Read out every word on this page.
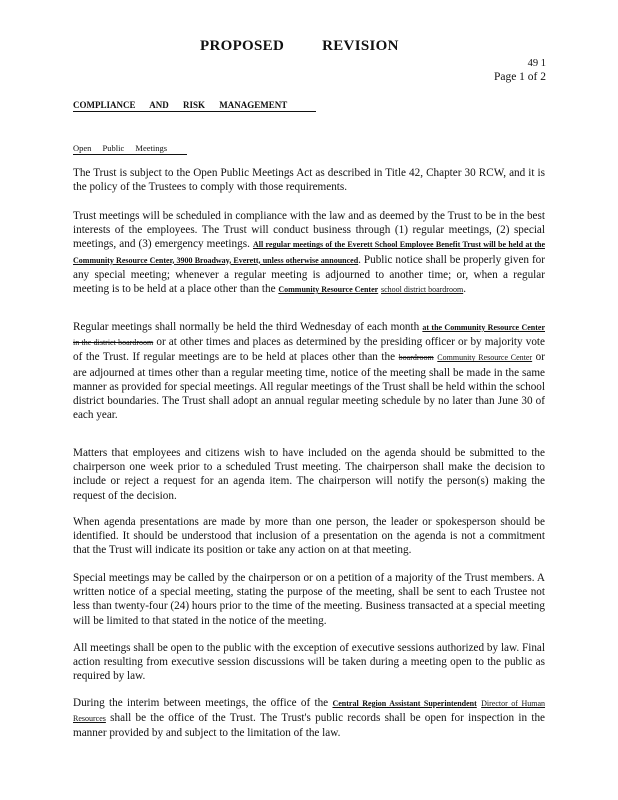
PROPOSED REVISION
49 1
Page 1 of 2
COMPLIANCE AND RISK MANAGEMENT
Open Public Meetings
The Trust is subject to the Open Public Meetings Act as described in Title 42, Chapter 30 RCW, and it is the policy of the Trustees to comply with those requirements.
Trust meetings will be scheduled in compliance with the law and as deemed by the Trust to be in the best interests of the employees. The Trust will conduct business through (1) regular meetings, (2) special meetings, and (3) emergency meetings. All regular meetings of the Everett School Employee Benefit Trust will be held at the Community Resource Center, 3900 Broadway, Everett, unless otherwise announced. Public notice shall be properly given for any special meeting; whenever a regular meeting is adjourned to another time; or, when a regular meeting is to be held at a place other than the Community Resource Center school district boardroom.
Regular meetings shall normally be held the third Wednesday of each month at the Community Resource Center in the district boardroom or at other times and places as determined by the presiding officer or by majority vote of the Trust. If regular meetings are to be held at places other than the boardroom Community Resource Center or are adjourned at times other than a regular meeting time, notice of the meeting shall be made in the same manner as provided for special meetings. All regular meetings of the Trust shall be held within the school district boundaries. The Trust shall adopt an annual regular meeting schedule by no later than June 30 of each year.
Matters that employees and citizens wish to have included on the agenda should be submitted to the chairperson one week prior to a scheduled Trust meeting. The chairperson shall make the decision to include or reject a request for an agenda item. The chairperson will notify the person(s) making the request of the decision.
When agenda presentations are made by more than one person, the leader or spokesperson should be identified. It should be understood that inclusion of a presentation on the agenda is not a commitment that the Trust will indicate its position or take any action on at that meeting.
Special meetings may be called by the chairperson or on a petition of a majority of the Trust members. A written notice of a special meeting, stating the purpose of the meeting, shall be sent to each Trustee not less than twenty-four (24) hours prior to the time of the meeting. Business transacted at a special meeting will be limited to that stated in the notice of the meeting.
All meetings shall be open to the public with the exception of executive sessions authorized by law. Final action resulting from executive session discussions will be taken during a meeting open to the public as required by law.
During the interim between meetings, the office of the Central Region Assistant Superintendent Director of Human Resources shall be the office of the Trust. The Trust's public records shall be open for inspection in the manner provided by and subject to the limitation of the law.
